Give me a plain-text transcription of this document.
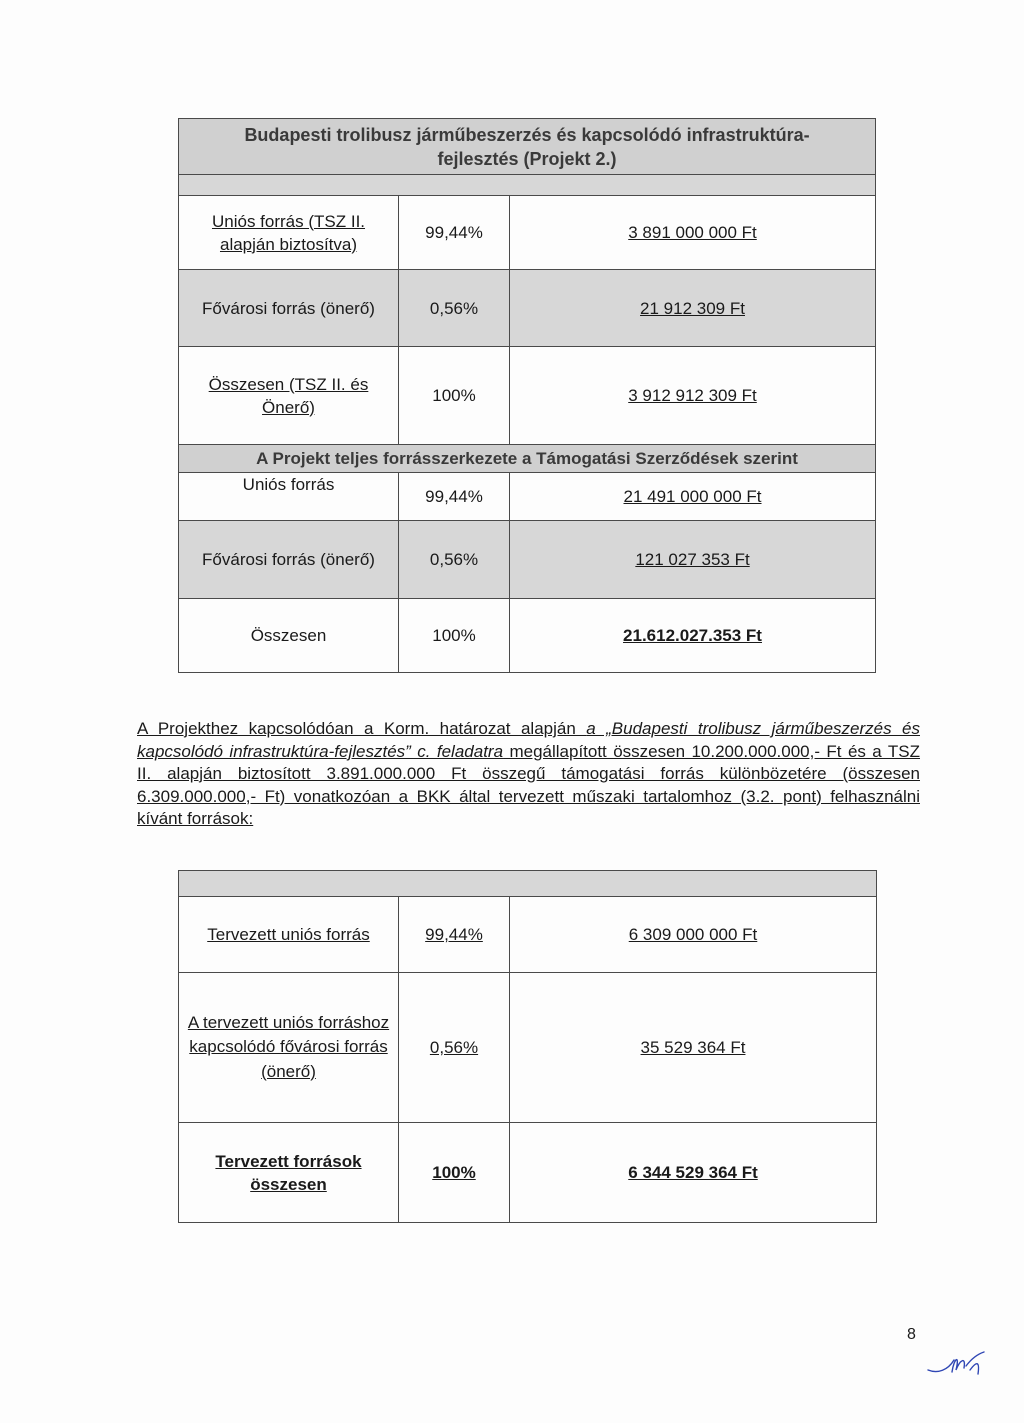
Budapesti trolibusz járműbeszerzés és kapcsolódó infrastruktúra-fejlesztés (Projekt 2.)		

Uniós forrás (TSZ II. alapján biztosítva)	99,44%	3 891 000 000 Ft
Fővárosi forrás (önerő)	0,56%	21 912 309 Ft
Összesen (TSZ II. és Önerő)	100%	3 912 912 309 Ft
A Projekt teljes forrásszerkezete a Támogatási Szerződések szerint		
Uniós forrás	99,44%	21 491 000 000 Ft
Fővárosi forrás (önerő)	0,56%	121 027 353 Ft
Összesen	100%	21.612.027.353 Ft
A Projekthez kapcsolódóan a Korm. határozat alapján a „Budapesti trolibusz járműbeszerzés és kapcsolódó infrastruktúra-fejlesztés” c. feladatra megállapított összesen 10.200.000.000,- Ft és a TSZ II. alapján biztosított 3.891.000.000 Ft összegű támogatási forrás különbözetére (összesen 6.309.000.000,- Ft) vonatkozóan a BKK által tervezett műszaki tartalomhoz (3.2. pont) felhasználni kívánt források:

Tervezett uniós forrás	99,44%	6 309 000 000 Ft
A tervezett uniós forráshoz kapcsolódó fővárosi forrás (önerő)	0,56%	35 529 364 Ft
Tervezett források összesen	100%	6 344 529 364 Ft
8
